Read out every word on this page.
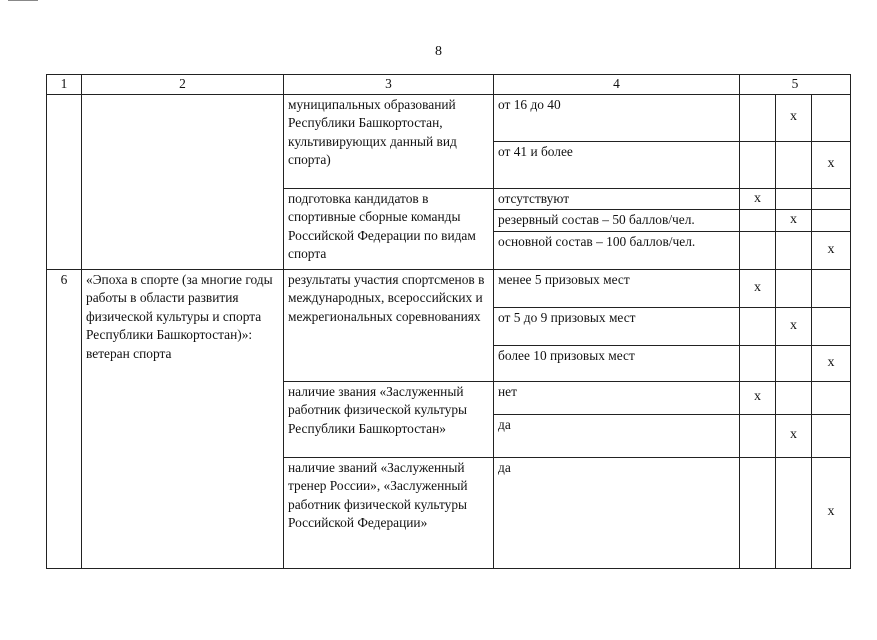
8
1	2	3	4	5		
		муниципальных образований Республики Башкортостан, культивирующих данный вид спорта)	от 16 до 40		x	
			от 41 и более			x
		подготовка кандидатов в спортивные сборные команды Российской Федерации по видам спорта	отсутствуют	x		
			резервный состав – 50 баллов/чел.		x	
			основной состав – 100 баллов/чел.			x
6	«Эпоха в спорте (за многие годы работы в области развития физической культуры и спорта Республики Башкортостан)»: ветеран спорта	результаты участия спортсменов в международных, всероссийских и межрегиональных соревнованиях	менее 5 призовых мест	x		
			от 5 до 9 призовых мест		x	
			более 10 призовых мест			x
		наличие звания «Заслуженный работник физической культуры Республики Башкортостан»	нет	x		
			да		x	
		наличие званий «Заслуженный тренер России», «Заслуженный работник физической культуры Российской Федерации»	да			x
